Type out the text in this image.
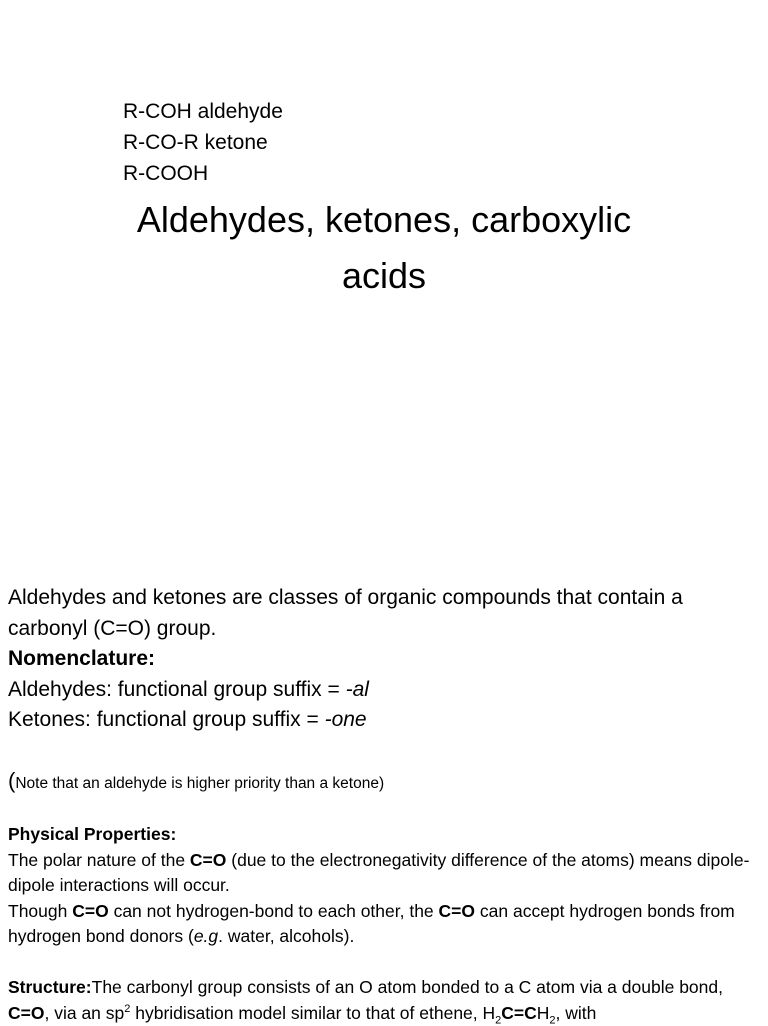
R-COH aldehyde
R-CO-R ketone
R-COOH
Aldehydes, ketones, carboxylic
acids

Aldehydes and ketones are classes of organic compounds that contain a carbonyl (C=O) group.

Nomenclature:

Aldehydes: functional group suffix = -al

Ketones: functional group suffix = -one

(Note that an aldehyde is higher priority than a ketone)

Physical Properties:

The polar nature of the C=O (due to the electronegativity difference of the atoms) means dipole-dipole interactions will occur.

Though C=O can not hydrogen-bond to each other, the C=O can accept hydrogen bonds from hydrogen bond donors (e.g. water, alcohols).

Structure:The carbonyl group consists of an O atom bonded to a C atom via a double bond, C=O, via an $sp^2$ hybridisation model similar to that of ethene, $H_2C=CH_2$, with
